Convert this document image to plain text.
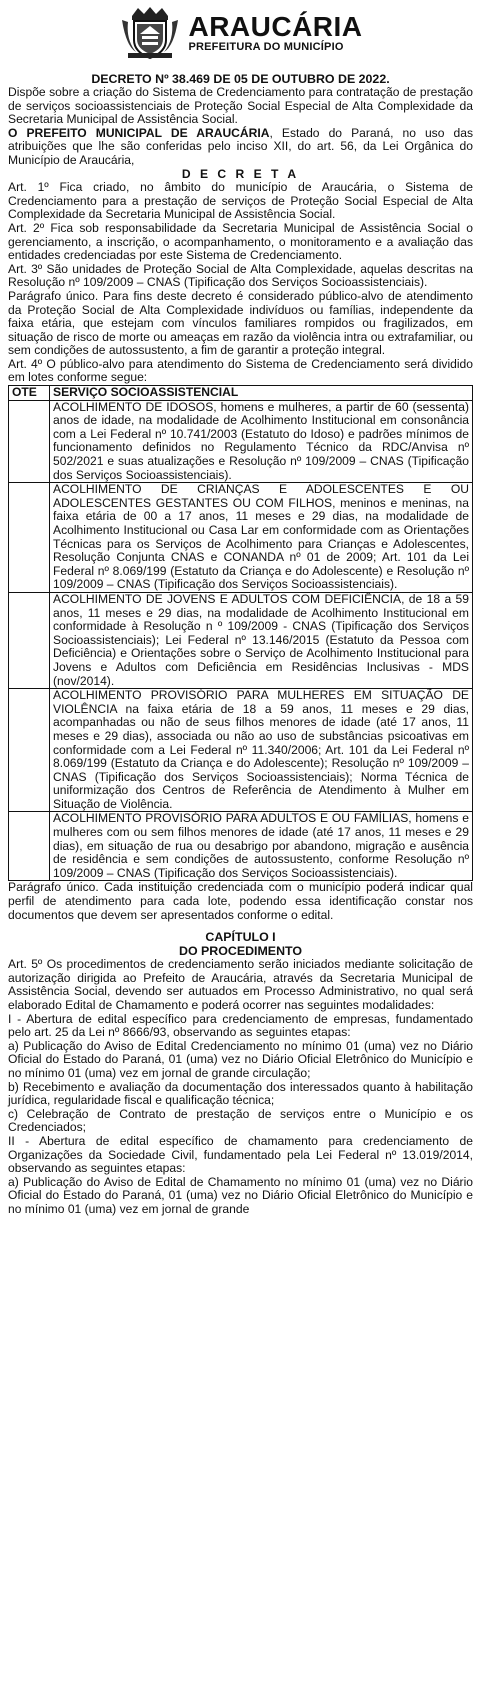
ARAUCÁRIA
PREFEITURA DO MUNICÍPIO
DECRETO Nº 38.469 DE 05 DE OUTUBRO DE 2022.

Dispõe sobre a criação do Sistema de Credenciamento para contratação de prestação de serviços socioassistenciais de Proteção Social Especial de Alta Complexidade da Secretaria Municipal de Assistência Social.

O PREFEITO MUNICIPAL DE ARAUCÁRIA, Estado do Paraná, no uso das atribuições que lhe são conferidas pelo inciso XII, do art. 56, da Lei Orgânica do Município de Araucária,

D E C R E T A

Art. 1º Fica criado, no âmbito do município de Araucária, o Sistema de Credenciamento para a prestação de serviços de Proteção Social Especial de Alta Complexidade da Secretaria Municipal de Assistência Social.

Art. 2º Fica sob responsabilidade da Secretaria Municipal de Assistência Social o gerenciamento, a inscrição, o acompanhamento, o monitoramento e a avaliação das entidades credenciadas por este Sistema de Credenciamento.

Art. 3º São unidades de Proteção Social de Alta Complexidade, aquelas descritas na Resolução nº 109/2009 – CNAS (Tipificação dos Serviços Socioassistenciais).

Parágrafo único. Para fins deste decreto é considerado público-alvo de atendimento da Proteção Social de Alta Complexidade indivíduos ou famílias, independente da faixa etária, que estejam com vínculos familiares rompidos ou fragilizados, em situação de risco de morte ou ameaças em razão da violência intra ou extrafamiliar, ou sem condições de autossustento, a fim de garantir a proteção integral.

Art. 4º O público-alvo para atendimento do Sistema de Credenciamento será dividido em lotes conforme segue:

OTE	SERVIÇO SOCIOASSISTENCIAL
	ACOLHIMENTO DE IDOSOS, homens e mulheres, a partir de 60 (sessenta) anos de idade, na modalidade de Acolhimento Institucional em consonância com a Lei Federal nº 10.741/2003 (Estatuto do Idoso) e padrões mínimos de funcionamento definidos no Regulamento Técnico da RDC/Anvisa nº 502/2021 e suas atualizações e Resolução nº 109/2009 – CNAS (Tipificação dos Serviços Socioassistenciais).
	ACOLHIMENTO DE CRIANÇAS E ADOLESCENTES E OU ADOLESCENTES GESTANTES OU COM FILHOS, meninos e meninas, na faixa etária de 00 a 17 anos, 11 meses e 29 dias, na modalidade de Acolhimento Institucional ou Casa Lar em conformidade com as Orientações Técnicas para os Serviços de Acolhimento para Crianças e Adolescentes, Resolução Conjunta CNAS e CONANDA nº 01 de 2009; Art. 101 da Lei Federal nº 8.069/199 (Estatuto da Criança e do Adolescente) e Resolução nº 109/2009 – CNAS (Tipificação dos Serviços Socioassistenciais).
	ACOLHIMENTO DE JOVENS E ADULTOS COM DEFICIÊNCIA, de 18 a 59 anos, 11 meses e 29 dias, na modalidade de Acolhimento Institucional em conformidade à Resolução n º 109/2009 - CNAS (Tipificação dos Serviços Socioassistenciais); Lei Federal nº 13.146/2015 (Estatuto da Pessoa com Deficiência) e Orientações sobre o Serviço de Acolhimento Institucional para Jovens e Adultos com Deficiência em Residências Inclusivas - MDS (nov/2014).
	ACOLHIMENTO PROVISÓRIO PARA MULHERES EM SITUAÇÃO DE VIOLÊNCIA na faixa etária de 18 a 59 anos, 11 meses e 29 dias, acompanhadas ou não de seus filhos menores de idade (até 17 anos, 11 meses e 29 dias), associada ou não ao uso de substâncias psicoativas em conformidade com a Lei Federal nº 11.340/2006; Art. 101 da Lei Federal nº 8.069/199 (Estatuto da Criança e do Adolescente); Resolução nº 109/2009 – CNAS (Tipificação dos Serviços Socioassistenciais); Norma Técnica de uniformização dos Centros de Referência de Atendimento à Mulher em Situação de Violência.
	ACOLHIMENTO PROVISÓRIO PARA ADULTOS E OU FAMÍLIAS, homens e mulheres com ou sem filhos menores de idade (até 17 anos, 11 meses e 29 dias), em situação de rua ou desabrigo por abandono, migração e ausência de residência e sem condições de autossustento, conforme Resolução nº 109/2009 – CNAS (Tipificação dos Serviços Socioassistenciais).

Parágrafo único. Cada instituição credenciada com o município poderá indicar qual perfil de atendimento para cada lote, podendo essa identificação constar nos documentos que devem ser apresentados conforme o edital.

CAPÍTULO I
DO PROCEDIMENTO

Art. 5º Os procedimentos de credenciamento serão iniciados mediante solicitação de autorização dirigida ao Prefeito de Araucária, através da Secretaria Municipal de Assistência Social, devendo ser autuados em Processo Administrativo, no qual será elaborado Edital de Chamamento e poderá ocorrer nas seguintes modalidades:

I - Abertura de edital específico para credenciamento de empresas, fundamentado pelo art. 25 da Lei nº 8666/93, observando as seguintes etapas:

a) Publicação do Aviso de Edital Credenciamento no mínimo 01 (uma) vez no Diário Oficial do Estado do Paraná, 01 (uma) vez no Diário Oficial Eletrônico do Município e no mínimo 01 (uma) vez em jornal de grande circulação;

b) Recebimento e avaliação da documentação dos interessados quanto à habilitação jurídica, regularidade fiscal e qualificação técnica;

c) Celebração de Contrato de prestação de serviços entre o Município e os Credenciados;

II - Abertura de edital específico de chamamento para credenciamento de Organizações da Sociedade Civil, fundamentado pela Lei Federal nº 13.019/2014, observando as seguintes etapas:

a) Publicação do Aviso de Edital de Chamamento no mínimo 01 (uma) vez no Diário Oficial do Estado do Paraná, 01 (uma) vez no Diário Oficial Eletrônico do Município e no mínimo 01 (uma) vez em jornal de grande
